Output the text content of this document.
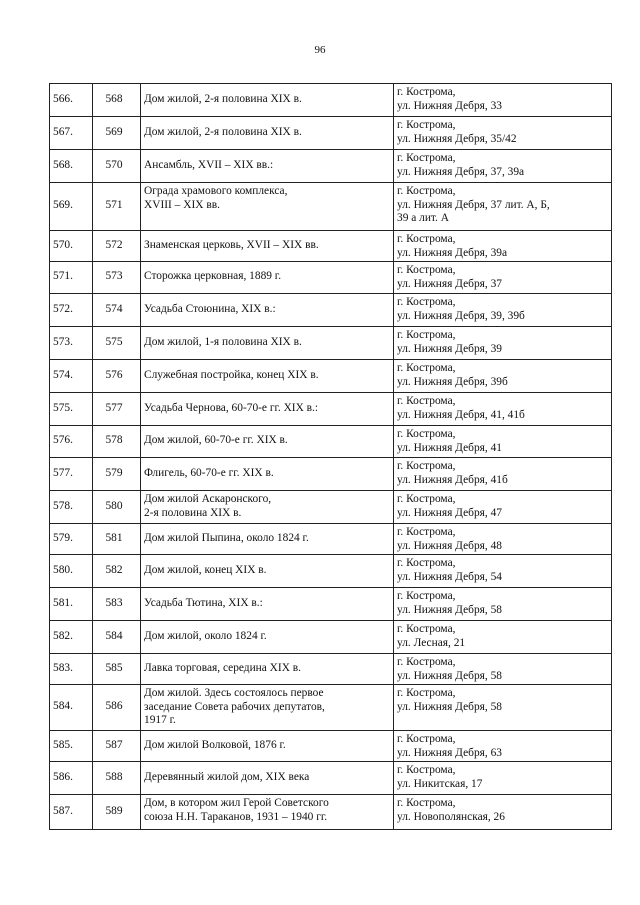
96
566.	568	Дом жилой, 2-я половина XIX в.	г. Кострома,
ул. Нижняя Дебря, 33

567.	569	Дом жилой, 2-я половина XIX в.	г. Кострома,
ул. Нижняя Дебря, 35/42

568.	570	Ансамбль, XVII – XIX вв.:	г. Кострома,
ул. Нижняя Дебря, 37, 39а

569.	571	Ограда храмового комплекса,
XVIII – XIX вв.	г. Кострома,
ул. Нижняя Дебря, 37 лит. А, Б,
39 а лит. А

570.	572	Знаменская церковь, XVII – XIX вв.	г. Кострома,
ул. Нижняя Дебря, 39а

571.	573	Сторожка церковная, 1889 г.	г. Кострома,
ул. Нижняя Дебря, 37

572.	574	Усадьба Стоюнина, XIX в.:	г. Кострома,
ул. Нижняя Дебря, 39, 39б

573.	575	Дом жилой, 1-я половина XIX в.	г. Кострома,
ул. Нижняя Дебря, 39

574.	576	Служебная постройка, конец XIX в.	г. Кострома,
ул. Нижняя Дебря, 39б

575.	577	Усадьба Чернова, 60-70-е гг. XIX в.:	г. Кострома,
ул. Нижняя Дебря, 41, 41б

576.	578	Дом жилой, 60-70-е гг. XIX в.	г. Кострома,
ул. Нижняя Дебря, 41

577.	579	Флигель, 60-70-е гг. XIX в.	г. Кострома,
ул. Нижняя Дебря, 41б

578.	580	Дом жилой Аскаронского,
2-я половина XIX в.	г. Кострома,
ул. Нижняя Дебря, 47

579.	581	Дом жилой Пыпина, около 1824 г.	г. Кострома,
ул. Нижняя Дебря, 48

580.	582	Дом жилой, конец XIX в.	г. Кострома,
ул. Нижняя Дебря, 54

581.	583	Усадьба Тютина, XIX в.:	г. Кострома,
ул. Нижняя Дебря, 58

582.	584	Дом жилой, около 1824 г.	г. Кострома,
ул. Лесная, 21

583.	585	Лавка торговая, середина XIX в.	г. Кострома,
ул. Нижняя Дебря, 58

584.	586	Дом жилой. Здесь состоялось первое
заседание Совета рабочих депутатов,
1917 г.	г. Кострома,
ул. Нижняя Дебря, 58

585.	587	Дом жилой Волковой, 1876 г.	г. Кострома,
ул. Нижняя Дебря, 63

586.	588	Деревянный жилой дом, XIX века	г. Кострома,
ул. Никитская, 17

587.	589	Дом, в котором жил Герой Советского
союза Н.Н. Тараканов, 1931 – 1940 гг.	г. Кострома,
ул. Новополянская, 26
